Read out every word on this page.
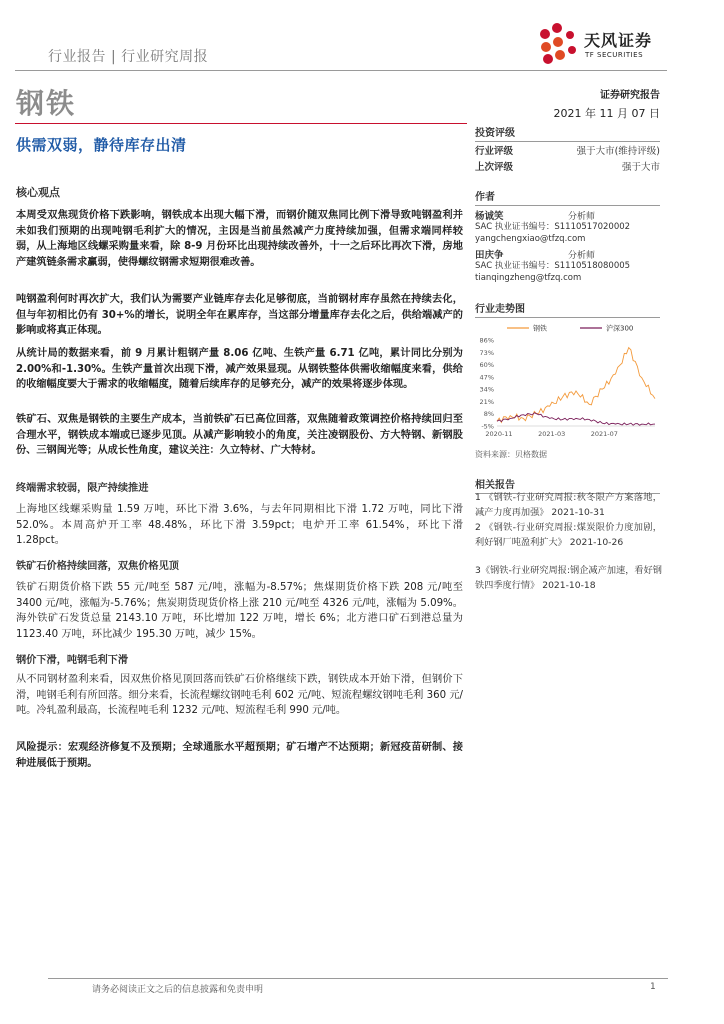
行业报告 | 行业研究周报
天风证券
TF SECURITIES
钢铁	证券研究报告
2021 年 11 月 07 日
供需双弱，静待库存出清
核心观点
本周受双焦现货价格下跌影响，钢铁成本出现大幅下滑，而钢价随双焦同比例下滑导致吨钢盈利并未如我们预期的出现吨钢毛利扩大的情况，主因是当前虽然减产力度持续加强，但需求端同样较弱，从上海地区线螺采购量来看，除 8-9 月份环比出现持续改善外，十一之后环比再次下滑，房地产建筑链条需求赢弱，使得螺纹钢需求短期很难改善。
吨钢盈利何时再次扩大，我们认为需要产业链库存去化足够彻底，当前钢材库存虽然在持续去化，但与年初相比仍有 30+%的增长，说明全年在累库存，当这部分增量库存去化之后，供给端减产的影响或将真正体现。
从统计局的数据来看，前 9 月累计粗钢产量 8.06 亿吨、生铁产量 6.71 亿吨，累计同比分别为 2.00%和-1.30%。生铁产量首次出现下滑，减产效果显现。从钢铁整体供需收缩幅度来看，供给的收缩幅度要大于需求的收缩幅度，随着后续库存的足够充分，减产的效果将逐步体现。
铁矿石、双焦是钢铁的主要生产成本，当前铁矿石已高位回落，双焦随着政策调控价格持续回归至合理水平，钢铁成本端或已逐步见顶。从减产影响较小的角度，关注凌钢股份、方大特钢、新钢股份、三钢闽光等；从成长性角度，建议关注：久立特材、广大特材。
终端需求较弱，限产持续推进
上海地区线螺采购量 1.59 万吨，环比下滑 3.6%，与去年同期相比下滑 1.72 万吨，同比下滑 52.0%。本周高炉开工率 48.48%，环比下滑 3.59pct；电炉开工率 61.54%，环比下滑 1.28pct。
铁矿石价格持续回落，双焦价格见顶
铁矿石期货价格下跌 55 元/吨至 587 元/吨，涨幅为-8.57%；焦煤期货价格下跌 208 元/吨至 3400 元/吨，涨幅为-5.76%；焦炭期货现货价格上涨 210 元/吨至 4326 元/吨，涨幅为 5.09%。海外铁矿石发货总量 2143.10 万吨，环比增加 122 万吨，增长 6%；北方港口矿石到港总量为 1123.40 万吨，环比减少 195.30 万吨，减少 15%。
钢价下滑，吨钢毛利下滑
从不同钢材盈利来看，因双焦价格见顶回落而铁矿石价格继续下跌，钢铁成本开始下滑，但钢价下滑，吨钢毛利有所回落。细分来看，长流程螺纹钢吨毛利 602 元/吨、短流程螺纹钢吨毛利 360 元/吨。冷轧盈利最高，长流程吨毛利 1232 元/吨、短流程毛利 990 元/吨。
风险提示：宏观经济修复不及预期；全球通胀水平超预期；矿石增产不达预期；新冠疫苗研制、接种进展低于预期。
投资评级
行业评级	强于大市(维持评级)
上次评级	强于大市
作者
杨诚笑	分析师
SAC 执业证书编号：S1110517020002
yangchengxiao@tfzq.com
田庆争	分析师
SAC 执业证书编号：S1110518080005
tianqingzheng@tfzq.com
行业走势图
86%
73%
60%
47%
34%
21%
8%
-5%
2020-11	2021-03	2021-07
钢铁	沪深300
资料来源：贝格数据
相关报告
1 《钢铁-行业研究周报:秋冬限产方案落地，减产力度再加强》 2021-10-31
2 《钢铁-行业研究周报:煤炭限价力度加剧，利好钢厂吨盈利扩大》 2021-10-26
3《钢铁-行业研究周报:钢企减产加速，看好钢铁四季度行情》 2021-10-18
请务必阅读正文之后的信息披露和免责申明	1
